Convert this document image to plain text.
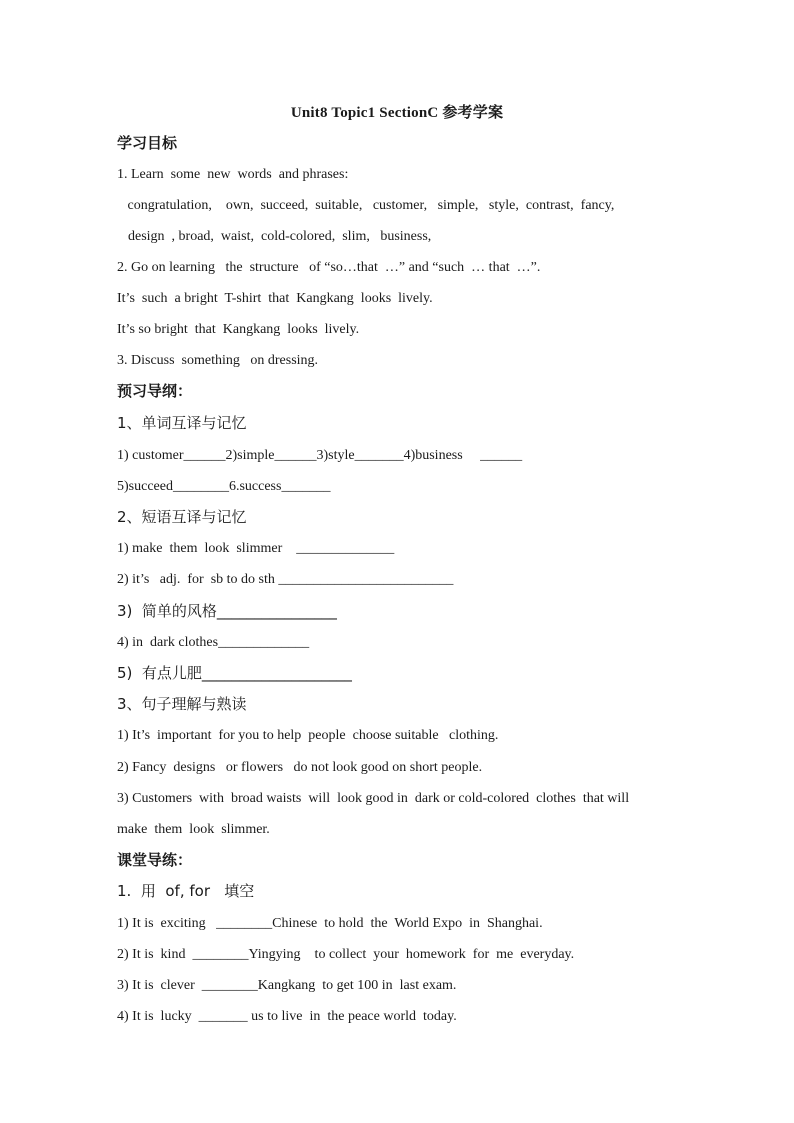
Unit8 Topic1 SectionC 参考学案
学习目标
1. Learn  some  new  words  and phrases:
congratulation,    own,  succeed,  suitable,   customer,   simple,   style,  contrast,  fancy,
design  , broad,  waist,  cold-colored,  slim,   business,
2. Go on learning   the  structure   of “so…that  …” and “such  … that  …”.
It’s  such  a bright  T-shirt  that  Kangkang  looks  lively.
It’s so bright  that  Kangkang  looks  lively.
3. Discuss  something   on dressing.
预习导纲：
1、单词互译与记忆
1) customer______2)simple______3)style_______4)business     ______
5)succeed________6.success_______
2、短语互译与记忆
1) make  them  look  slimmer    ______________
2) it’s   adj.  for  sb to do sth _________________________
3)  简单的风格________________
4) in  dark clothes_____________
5)  有点儿肥____________________
3、句子理解与熟读
1) It’s  important  for you to help  people  choose suitable   clothing.
2) Fancy  designs   or flowers   do not look good on short people.
3) Customers  with  broad waists  will  look good in  dark or cold-colored  clothes  that will
make  them  look  slimmer.
课堂导练：
1.  用  of, for   填空
1) It is  exciting   ________Chinese  to hold  the  World Expo  in  Shanghai.
2) It is  kind  ________Yingying    to collect  your  homework  for  me  everyday.
3) It is  clever  ________Kangkang  to get 100 in  last exam.
4) It is  lucky  _______ us to live  in  the peace world  today.
